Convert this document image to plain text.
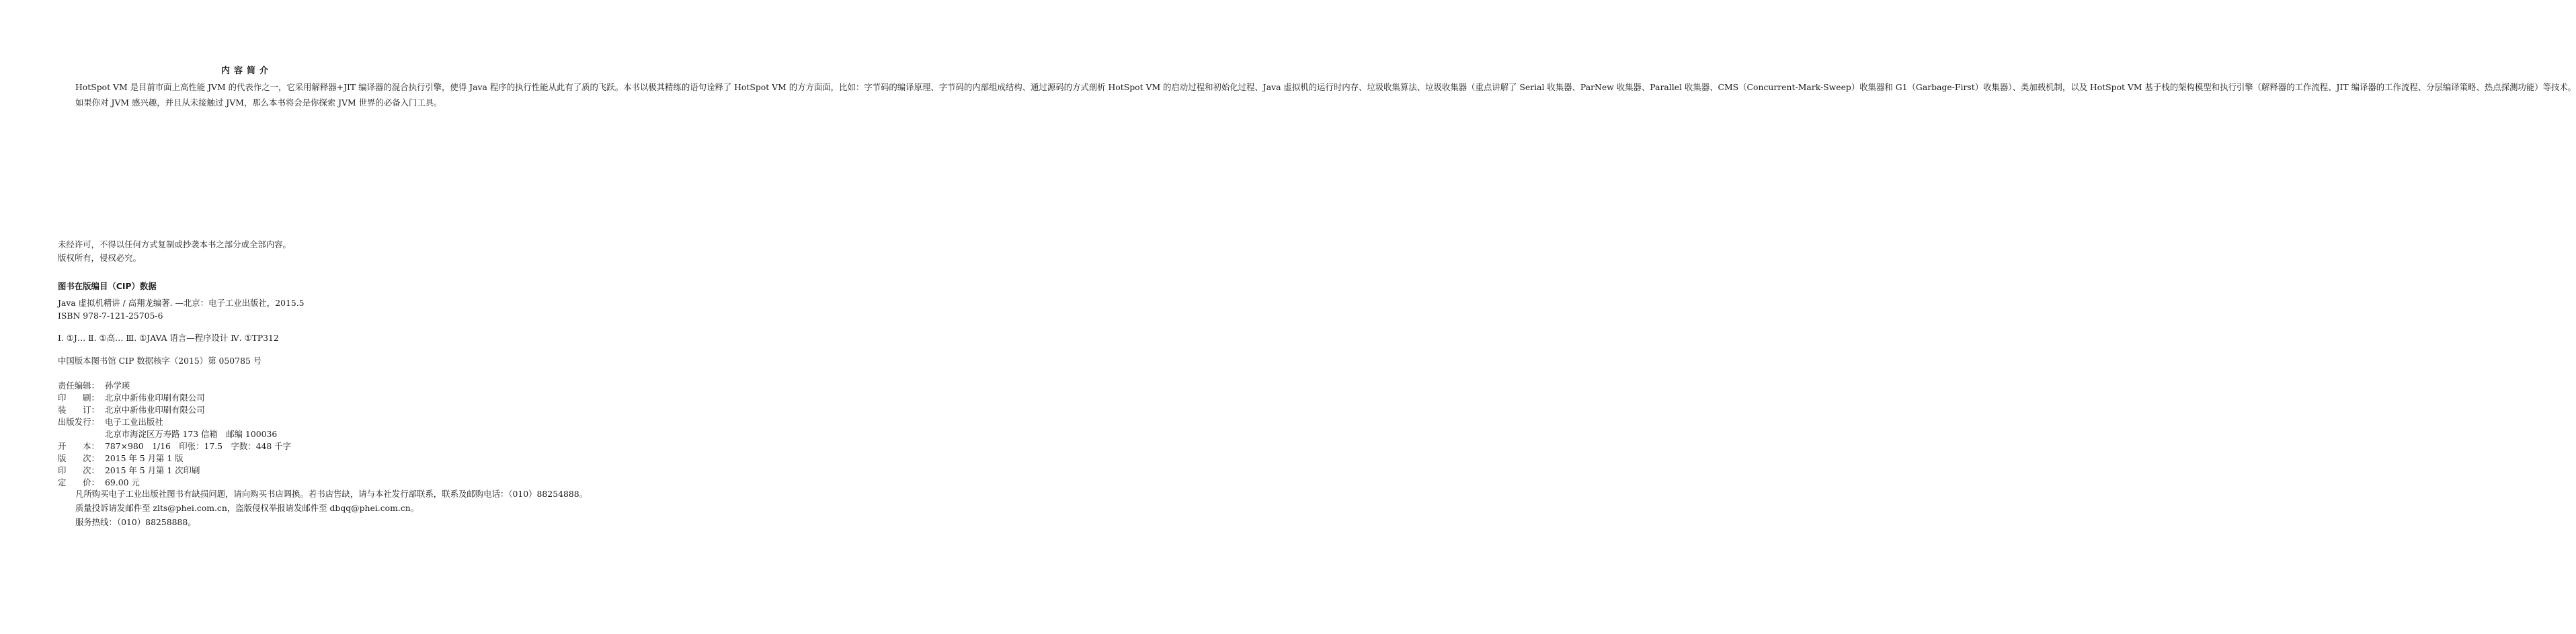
内容简介

HotSpot VM 是目前市面上高性能 JVM 的代表作之一，它采用解释器+JIT 编译器的混合执行引擎，使得 Java 程序的执行性能从此有了质的飞跃。本书以极其精练的语句诠释了 HotSpot VM 的方方面面，比如：字节码的编译原理、字节码的内部组成结构、通过源码的方式剖析 HotSpot VM 的启动过程和初始化过程、Java 虚拟机的运行时内存、垃圾收集算法、垃圾收集器（重点讲解了 Serial 收集器、ParNew 收集器、Parallel 收集器、CMS（Concurrent-Mark-Sweep）收集器和 G1（Garbage-First）收集器）、类加载机制，以及 HotSpot VM 基于栈的架构模型和执行引擎（解释器的工作流程、JIT 编译器的工作流程、分层编译策略、热点探测功能）等技术。

如果你对 JVM 感兴趣，并且从未接触过 JVM，那么本书将会是你探索 JVM 世界的必备入门工具。

未经许可，不得以任何方式复制或抄袭本书之部分或全部内容。
版权所有，侵权必究。
图书在版编目（CIP）数据
Java 虚拟机精讲 / 高翔龙编著. —北京：电子工业出版社，2015.5
ISBN 978-7-121-25705-6
Ⅰ. ①J… Ⅱ. ①高… Ⅲ. ①JAVA 语言—程序设计 Ⅳ. ①TP312
中国版本图书馆 CIP 数据核字（2015）第 050785 号
责任编辑： 孙学瑛
印　　刷： 北京中新伟业印刷有限公司
装　　订： 北京中新伟业印刷有限公司
出版发行： 电子工业出版社
北京市海淀区万寿路 173 信箱　邮编 100036
开　　本： 787×980　1/16　印张：17.5　字数：448 千字
版　　次： 2015 年 5 月第 1 版
印　　次： 2015 年 5 月第 1 次印刷
定　　价： 69.00 元

凡所购买电子工业出版社图书有缺损问题，请向购买书店调换。若书店售缺，请与本社发行部联系，联系及邮购电话：（010）88254888。

质量投诉请发邮件至 zlts@phei.com.cn，盗版侵权举报请发邮件至 dbqq@phei.com.cn。

服务热线：（010）88258888。
